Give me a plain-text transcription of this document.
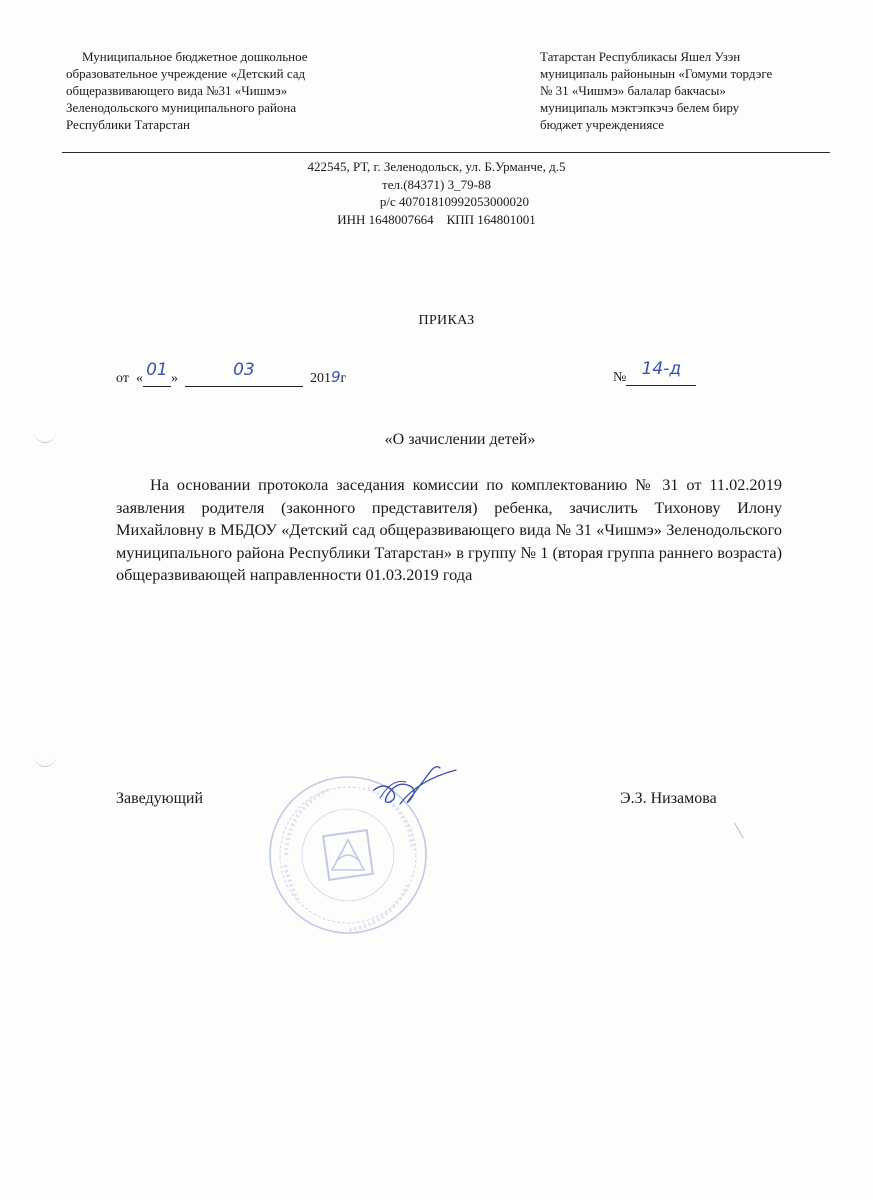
Муниципальное бюджетное дошкольное
образовательное учреждение «Детский сад
общеразвивающего вида №31 «Чишмэ»
Зеленодольского муниципального района
Республики Татарстан
Татарстан Республикасы Яшел Узэн
муниципаль районынын «Гомуми тордэге
№ 31 «Чишмэ» балалар бакчасы»
муниципаль мэктэпкэчэ белем биру
бюджет учреждениясе
422545, РТ, г. Зеленодольск, ул. Б.Урманче, д.5
тел.(84371) 3_79-88
р/с 40701810992053000020
ИНН 1648007664    КПП 164801001
ПРИКАЗ
от « 01 »	03	2019г	№ 14-д
«О зачислении детей»

На основании протокола заседания комиссии по комплектованию № 31 от 11.02.2019 заявления родителя (законного представителя) ребенка, зачислить Тихонову Илону Михайловну в МБДОУ «Детский сад общеразвивающего вида № 31 «Чишмэ» Зеленодольского муниципального района Республики Татарстан» в группу № 1 (вторая группа раннего возраста) общеразвивающей направленности 01.03.2019 года

Заведующий	Э.З. Низамова
